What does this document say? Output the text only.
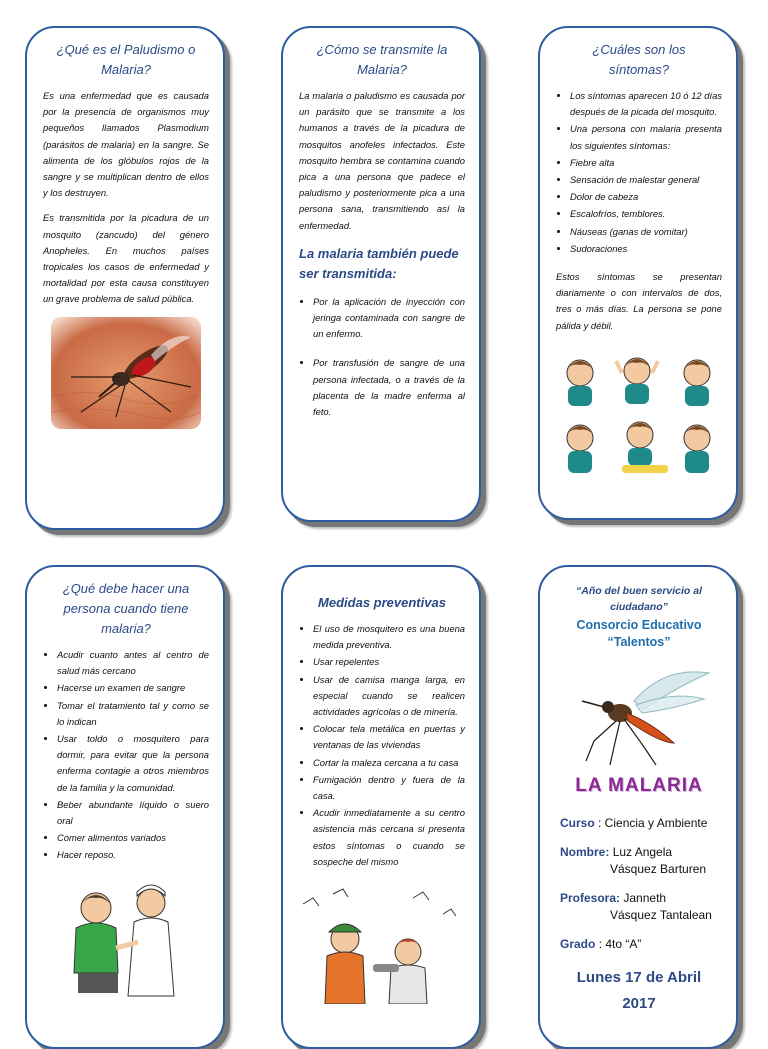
¿Qué es el Paludismo o Malaria?

Es una enfermedad que es causada por la presencia de organismos muy pequeños llamados Plasmodium (parásitos de malaria) en la sangre. Se alimenta de los glóbulos rojos de la sangre y se multiplican dentro de ellos y los destruyen.

Es transmitida por la picadura de un mosquito (zancudo) del género Anopheles. En muchos países tropicales los casos de enfermedad y mortalidad por esta causa constituyen un grave problema de salud pública.

¿Cómo se transmite la Malaria?

La malaria o paludismo es causada por un parásito que se transmite a los humanos a través de la picadura de mosquitos anofeles infectados. Este mosquito hembra se contamina cuando pica a una persona que padece el paludismo y posteriormente pica a una persona sana, transmitiendo así la enfermedad.

La malaria también puede ser transmitida:
• Por la aplicación de inyección con jeringa contaminada con sangre de un enfermo.
• Por transfusión de sangre de una persona infectada, o a través de la placenta de la madre enferma al feto.
¿Cuáles son los síntomas?
• Los síntomas aparecen 10 ó 12 días después de la picada del mosquito.
• Una persona con malaria presenta los siguientes síntomas:
• Fiebre alta
• Sensación de malestar general
• Dolor de cabeza
• Escalofríos, temblores.
• Náuseas (ganas de vomitar)
• Sudoraciones

Estos síntomas se presentan diariamente o con intervalos de dos, tres o más días. La persona se pone pálida y débil.

¿Qué debe hacer una persona cuando tiene malaria?
• Acudir cuanto antes al centro de salud más cercano
• Hacerse un examen de sangre
• Tomar el tratamiento tal y como se lo indican
• Usar toldo o mosquitero para dormir, para evitar que la persona enferma contagie a otros miembros de la familia y la comunidad.
• Beber abundante líquido o suero oral
• Comer alimentos variados
• Hacer reposo.
Medidas preventivas
• El uso de mosquitero es una buena medida preventiva.
• Usar repelentes
• Usar de camisa manga larga, en especial cuando se realicen actividades agrícolas o de minería.
• Colocar tela metálica en puertas y ventanas de las viviendas
• Cortar la maleza cercana a tu casa
• Fumigación dentro y fuera de la casa.
• Acudir inmediatamente a su centro asistencia más cercana si presenta estos síntomas o cuando se sospeche del mismo
“Año del buen servicio al ciudadano”
Consorcio Educativo
“Talentos”
LA MALARIA
Curso : Ciencia y Ambiente
Nombre: Luz Angela
Vásquez Barturen
Profesora: Janneth
Vásquez Tantalean
Grado : 4to “A”
Lunes 17 de Abril
2017
